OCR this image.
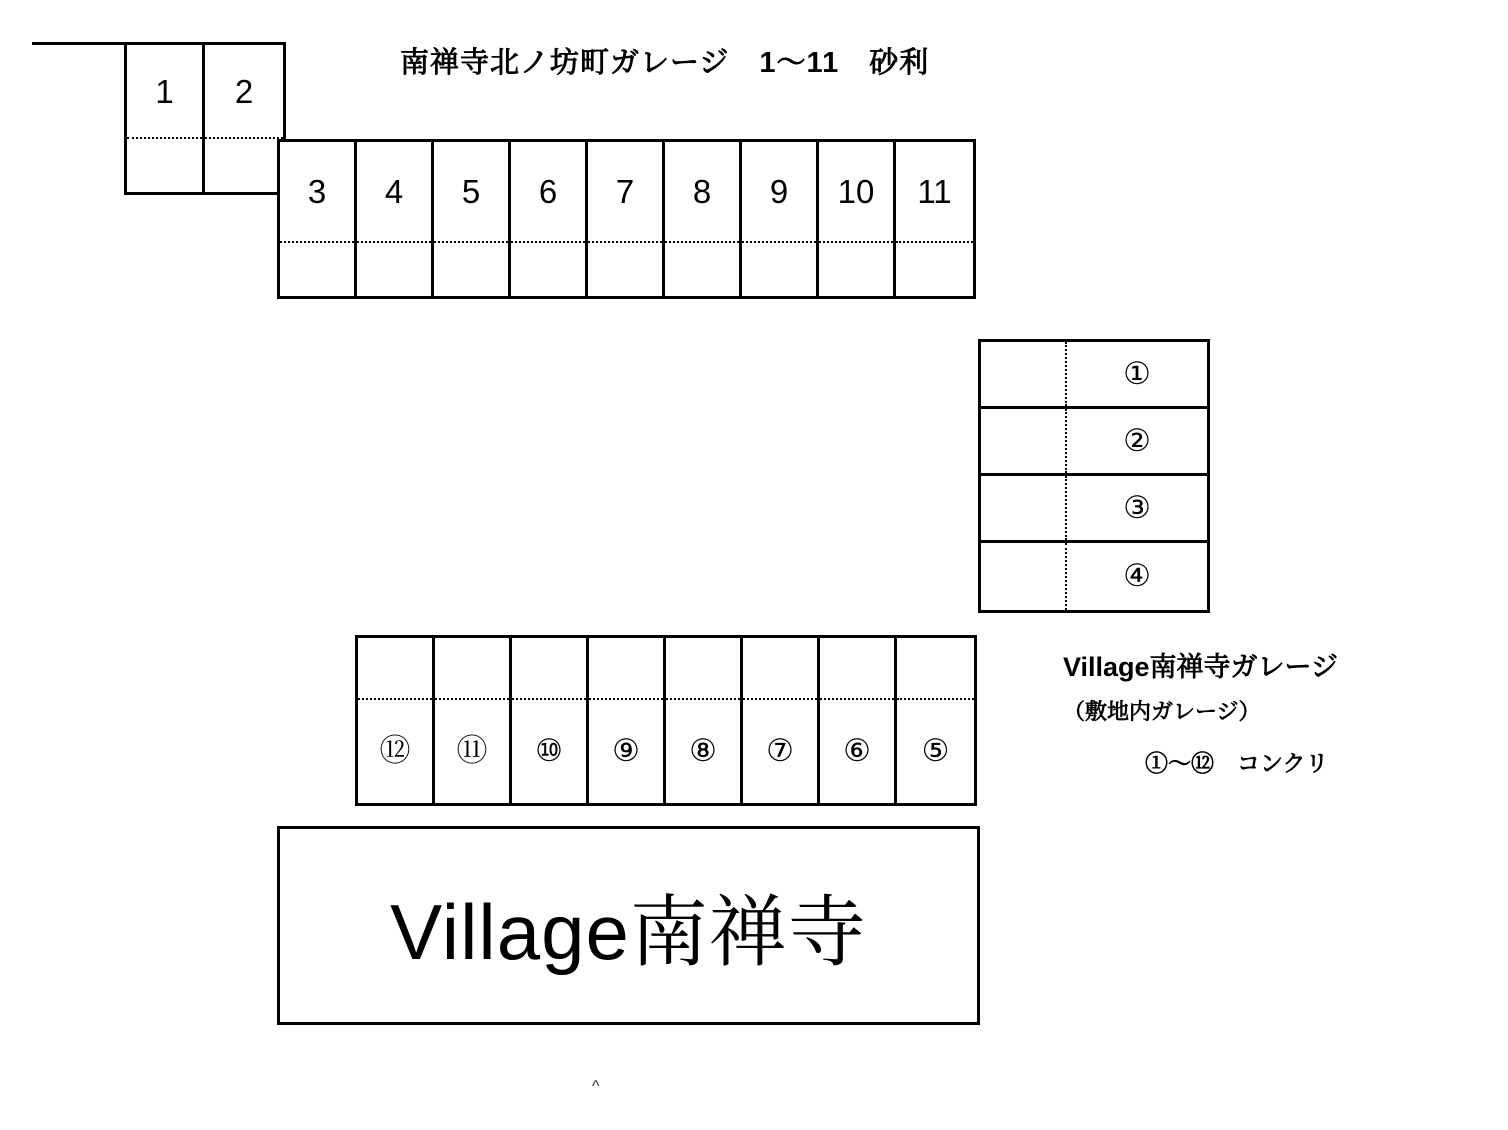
南禅寺北ノ坊町ガレージ　1〜11　砂利
1 2
3 4 5 6 7 8 9 10 11
①
②
③
④
⑫ ⑪ ⑩ ⑨ ⑧ ⑦ ⑥ ⑤
Village南禅寺ガレージ
（敷地内ガレージ）
①〜⑫　コンクリ
Village南禅寺
^
